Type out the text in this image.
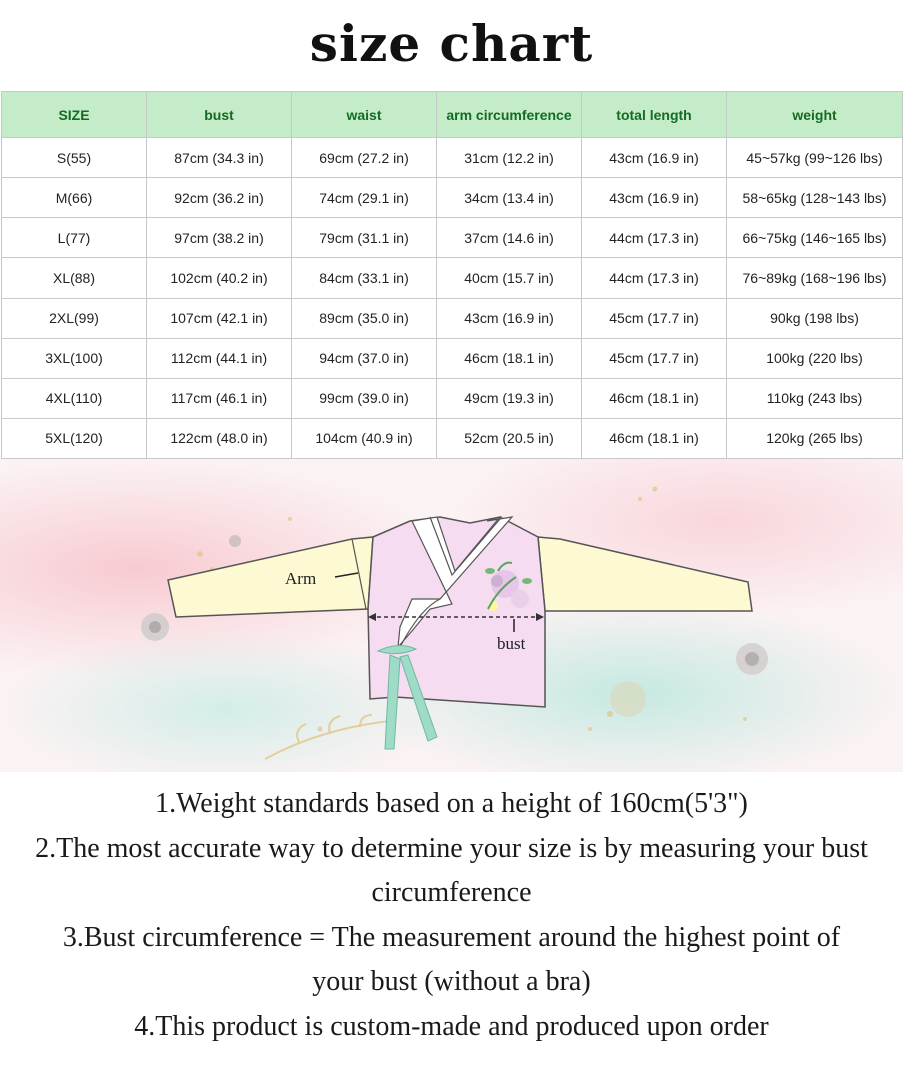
size chart
SIZE	bust	waist	arm circumference	total length	weight
S(55)	87cm (34.3 in)	69cm (27.2 in)	31cm (12.2 in)	43cm (16.9 in)	45~57kg (99~126 lbs)
M(66)	92cm (36.2 in)	74cm (29.1 in)	34cm (13.4 in)	43cm (16.9 in)	58~65kg (128~143 lbs)
L(77)	97cm (38.2 in)	79cm (31.1 in)	37cm (14.6 in)	44cm (17.3 in)	66~75kg (146~165 lbs)
XL(88)	102cm (40.2 in)	84cm (33.1 in)	40cm (15.7 in)	44cm (17.3 in)	76~89kg (168~196 lbs)
2XL(99)	107cm (42.1 in)	89cm (35.0 in)	43cm (16.9 in)	45cm (17.7 in)	90kg (198 lbs)
3XL(100)	112cm (44.1 in)	94cm (37.0 in)	46cm (18.1 in)	45cm (17.7 in)	100kg (220 lbs)
4XL(110)	117cm (46.1 in)	99cm (39.0 in)	49cm (19.3 in)	46cm (18.1 in)	110kg (243 lbs)
5XL(120)	122cm (48.0 in)	104cm (40.9 in)	52cm (20.5 in)	46cm (18.1 in)	120kg (265 lbs)
Arm
bust
1.Weight standards based on a height of 160cm(5'3")
2.The most accurate way to determine your size is by measuring your bust circumference
3.Bust circumference = The measurement around the highest point of your bust (without a bra)
4.This product is custom-made and produced upon order
